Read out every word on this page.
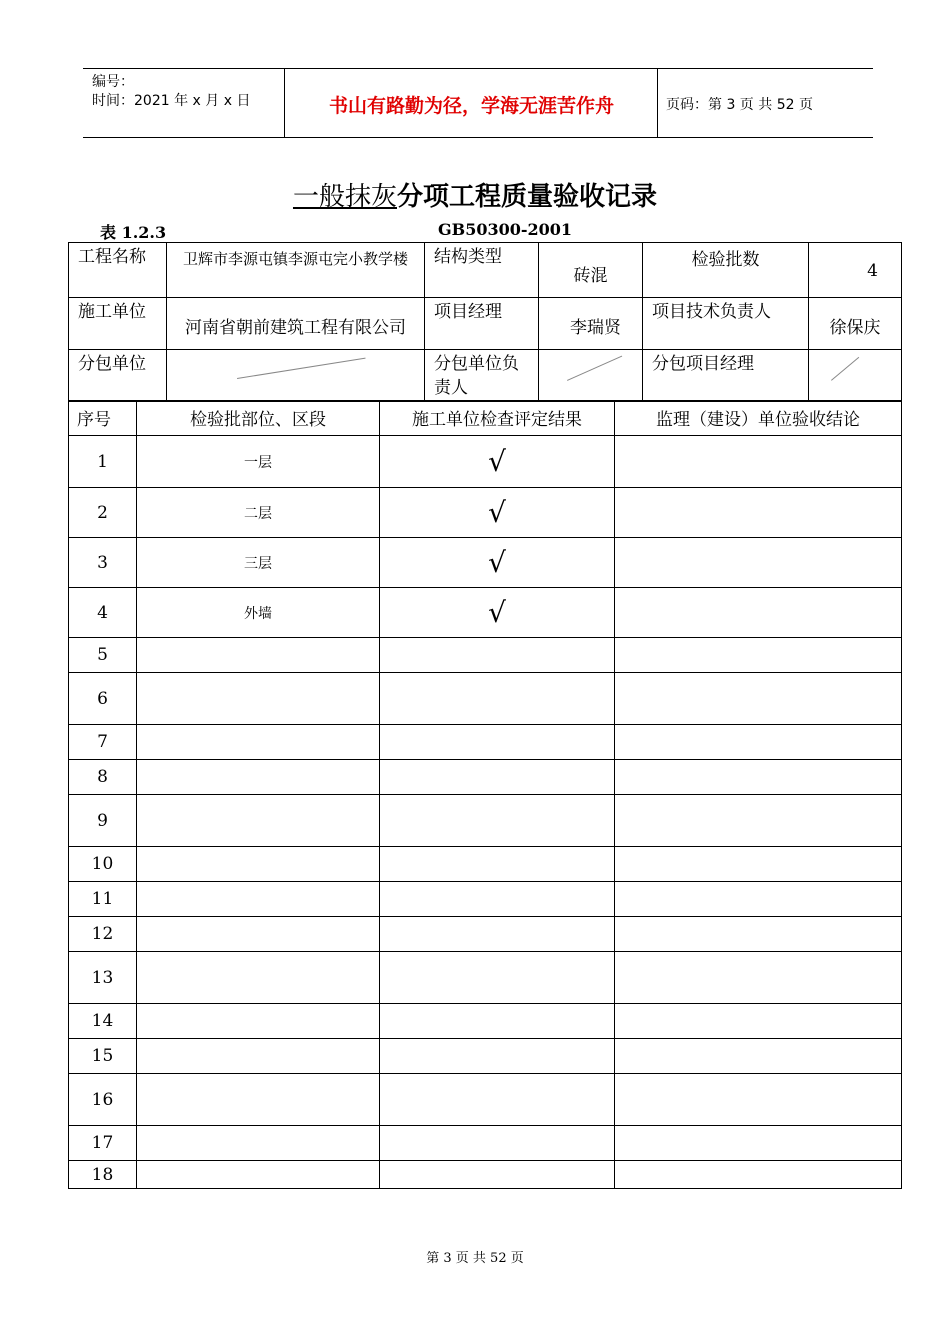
编号：
时间：2021 年 x 月 x 日	书山有路勤为径，学海无涯苦作舟	页码：第 3 页 共 52 页
一般抹灰分项工程质量验收记录
表 1.2.3	GB50300-2001
工程名称	卫辉市李源屯镇李源屯完小教学楼	结构类型	砖混	检验批数	4

施工单位	河南省朝前建筑工程有限公司	项目经理	李瑞贤	项目技术负责人	徐保庆

分包单位		分包单位负责人		分包项目经理	

序号	检验批部位、区段	施工单位检查评定结果	监理（建设）单位验收结论
1	一层	√	
2	二层	√	
3	三层	√	
4	外墙	√	
5			
6			
7			
8			
9			
10			
11			
12			
13			
14			
15			
16			
17			
18			
第 3 页 共 52 页
